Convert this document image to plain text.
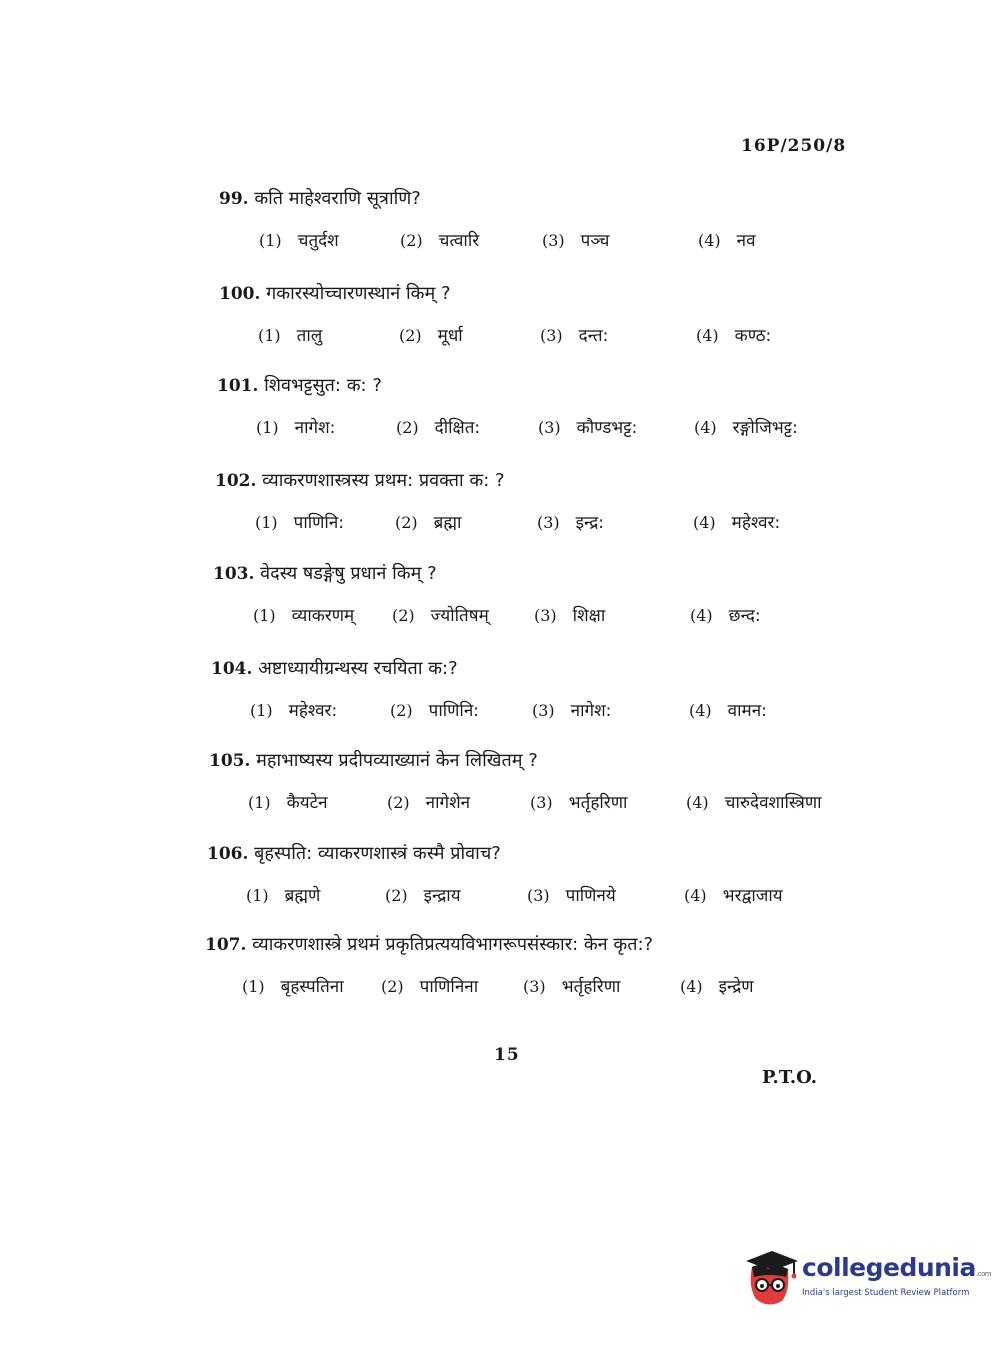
16P/250/8
99. कति माहेश्वराणि सूत्राणि?
(1) चतुर्दश	(2) चत्वारि	(3) पञ्च	(4) नव
100. गकारस्योच्चारणस्थानं किम् ?
(1) तालु	(2) मूर्धा	(3) दन्त:	(4) कण्ठ:
101. शिवभट्टसुत: क: ?
(1) नागेश:	(2) दीक्षित:	(3) कौण्डभट्ट:	(4) रङ्गोजिभट्ट:
102. व्याकरणशास्त्रस्य प्रथम: प्रवक्ता क: ?
(1) पाणिनि:	(2) ब्रह्मा	(3) इन्द्र:	(4) महेश्वर:
103. वेदस्य षडङ्गेषु प्रधानं किम् ?
(1) व्याकरणम् (2) ज्योतिषम्	(3) शिक्षा	(4) छन्द:
104. अष्टाध्यायीग्रन्थस्य रचयिता क:?
(1) महेश्वर:	(2) पाणिनि:	(3) नागेश:	(4) वामन:
105. महाभाष्यस्य प्रदीपव्याख्यानं केन लिखितम् ?
(1) कैयटेन	(2) नागेशेन	(3) भर्तृहरिणा	(4) चारुदेवशास्त्रिणा
106. बृहस्पति: व्याकरणशास्त्रं कस्मै प्रोवाच?
(1) ब्रह्मणे	(2) इन्द्राय	(3) पाणिनये	(4) भरद्वाजाय
107. व्याकरणशास्त्रे प्रथमं प्रकृतिप्रत्ययविभागरूपसंस्कार: केन कृत:?
(1) बृहस्पतिना (2) पाणिनिना	(3) भर्तृहरिणा	(4) इन्द्रेण
15
P.T.O.
collegedunia.com
India's largest Student Review Platform
